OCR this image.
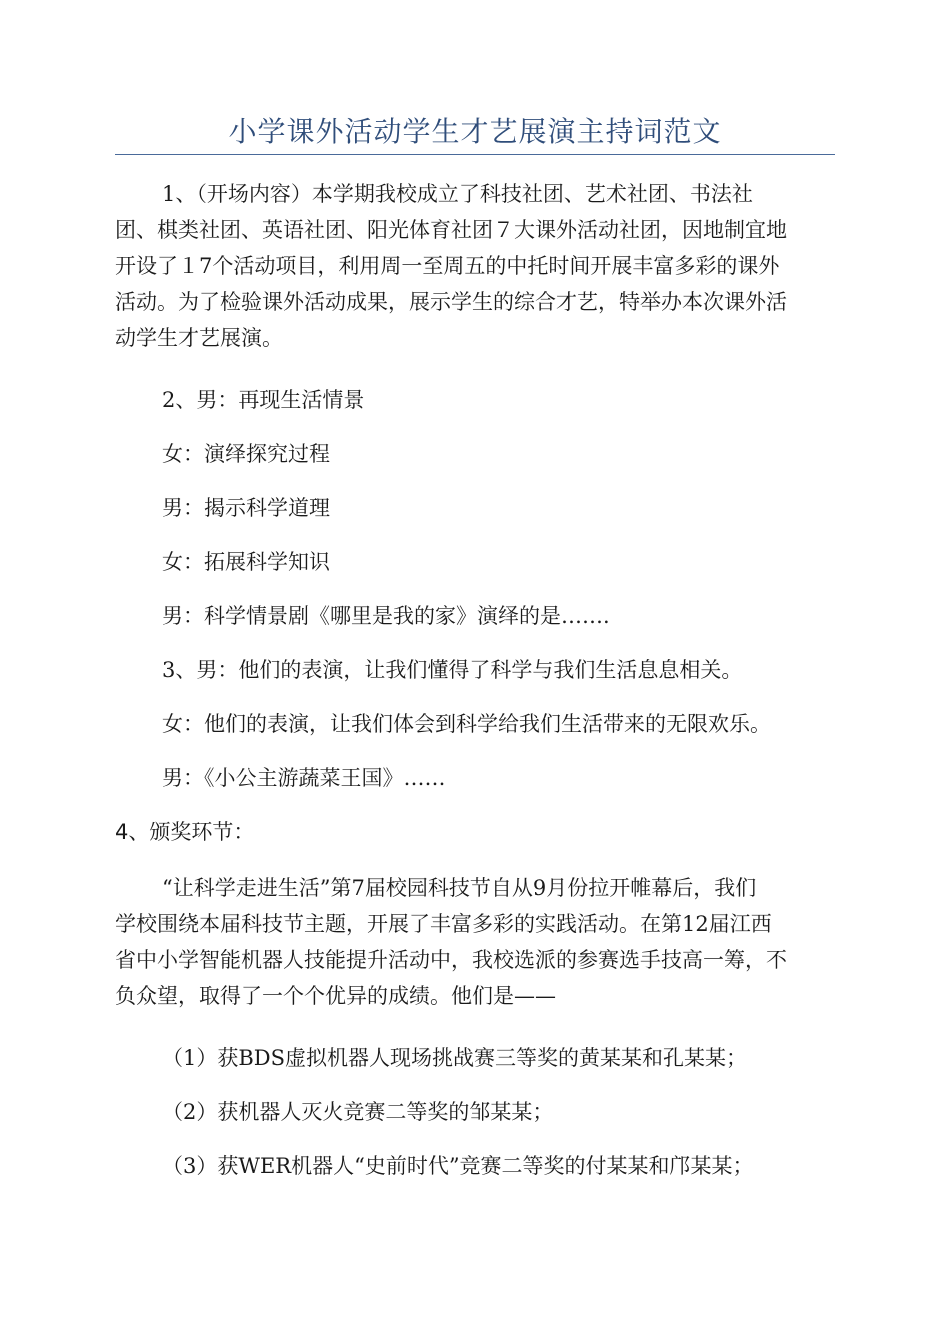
小学课外活动学生才艺展演主持词范文
1、（开场内容）本学期我校成立了科技社团、艺术社团、书法社
团、棋类社团、英语社团、阳光体育社团７大课外活动社团，因地制宜地
开设了１7个活动项目，利用周一至周五的中托时间开展丰富多彩的课外
活动。为了检验课外活动成果，展示学生的综合才艺，特举办本次课外活
动学生才艺展演。
2、男：再现生活情景
女：演绎探究过程
男：揭示科学道理
女：拓展科学知识
男：科学情景剧《哪里是我的家》演绎的是…….
3、男：他们的表演，让我们懂得了科学与我们生活息息相关。
女：他们的表演，让我们体会到科学给我们生活带来的无限欢乐。
男：《小公主游蔬菜王国》……
4、颁奖环节：
“让科学走进生活”第7届校园科技节自从9月份拉开帷幕后，我们
学校围绕本届科技节主题，开展了丰富多彩的实践活动。在第12届江西
省中小学智能机器人技能提升活动中，我校选派的参赛选手技高一筹，不
负众望，取得了一个个优异的成绩。他们是——
（1）获BDS虚拟机器人现场挑战赛三等奖的黄某某和孔某某；
（2）获机器人灭火竞赛二等奖的邹某某；
（3）获WER机器人“史前时代”竞赛二等奖的付某某和邝某某；
